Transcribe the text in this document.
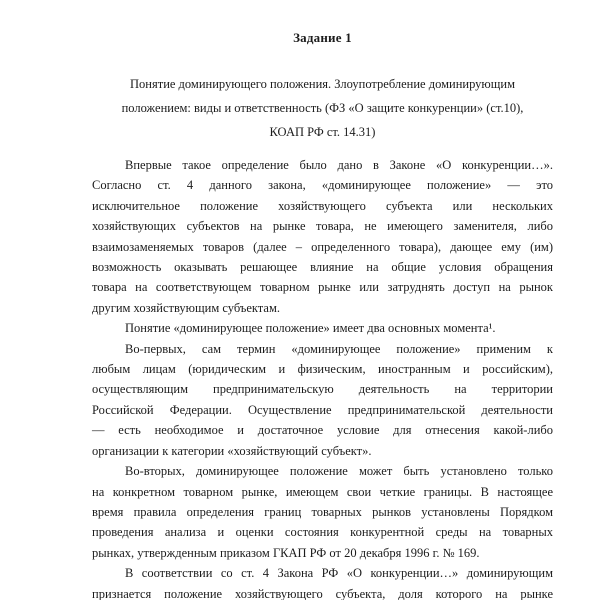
Задание 1
Понятие доминирующего положения. Злоупотребление доминирующим
положением: виды и ответственность (ФЗ «О защите конкуренции» (ст.10),
КОАП РФ ст. 14.31)
Впервые такое определение было дано в Законе «О конкуренции…».
Согласно ст. 4 данного закона, «доминирующее положение» — это
исключительное положение хозяйствующего субъекта или нескольких
хозяйствующих субъектов на рынке товара, не имеющего заменителя, либо
взаимозаменяемых товаров (далее – определенного товара), дающее ему (им)
возможность оказывать решающее влияние на общие условия обращения
товара на соответствующем товарном рынке или затруднять доступ на рынок
другим хозяйствующим субъектам.
Понятие «доминирующее положение» имеет два основных момента¹.
Во-первых, сам термин «доминирующее положение» применим к
любым лицам (юридическим и физическим, иностранным и российским),
осуществляющим предпринимательскую деятельность на территории
Российской Федерации. Осуществление предпринимательской деятельности
— есть необходимое и достаточное условие для отнесения какой-либо
организации к категории «хозяйствующий субъект».
Во-вторых, доминирующее положение может быть установлено только
на конкретном товарном рынке, имеющем свои четкие границы. В настоящее
время правила определения границ товарных рынков установлены Порядком
проведения анализа и оценки состояния конкурентной среды на товарных
рынках, утвержденным приказом ГКАП РФ от 20 декабря 1996 г. № 169.
В соответствии со ст. 4 Закона РФ «О конкуренции…» доминирующим
признается положение хозяйствующего субъекта, доля которого на рынке
